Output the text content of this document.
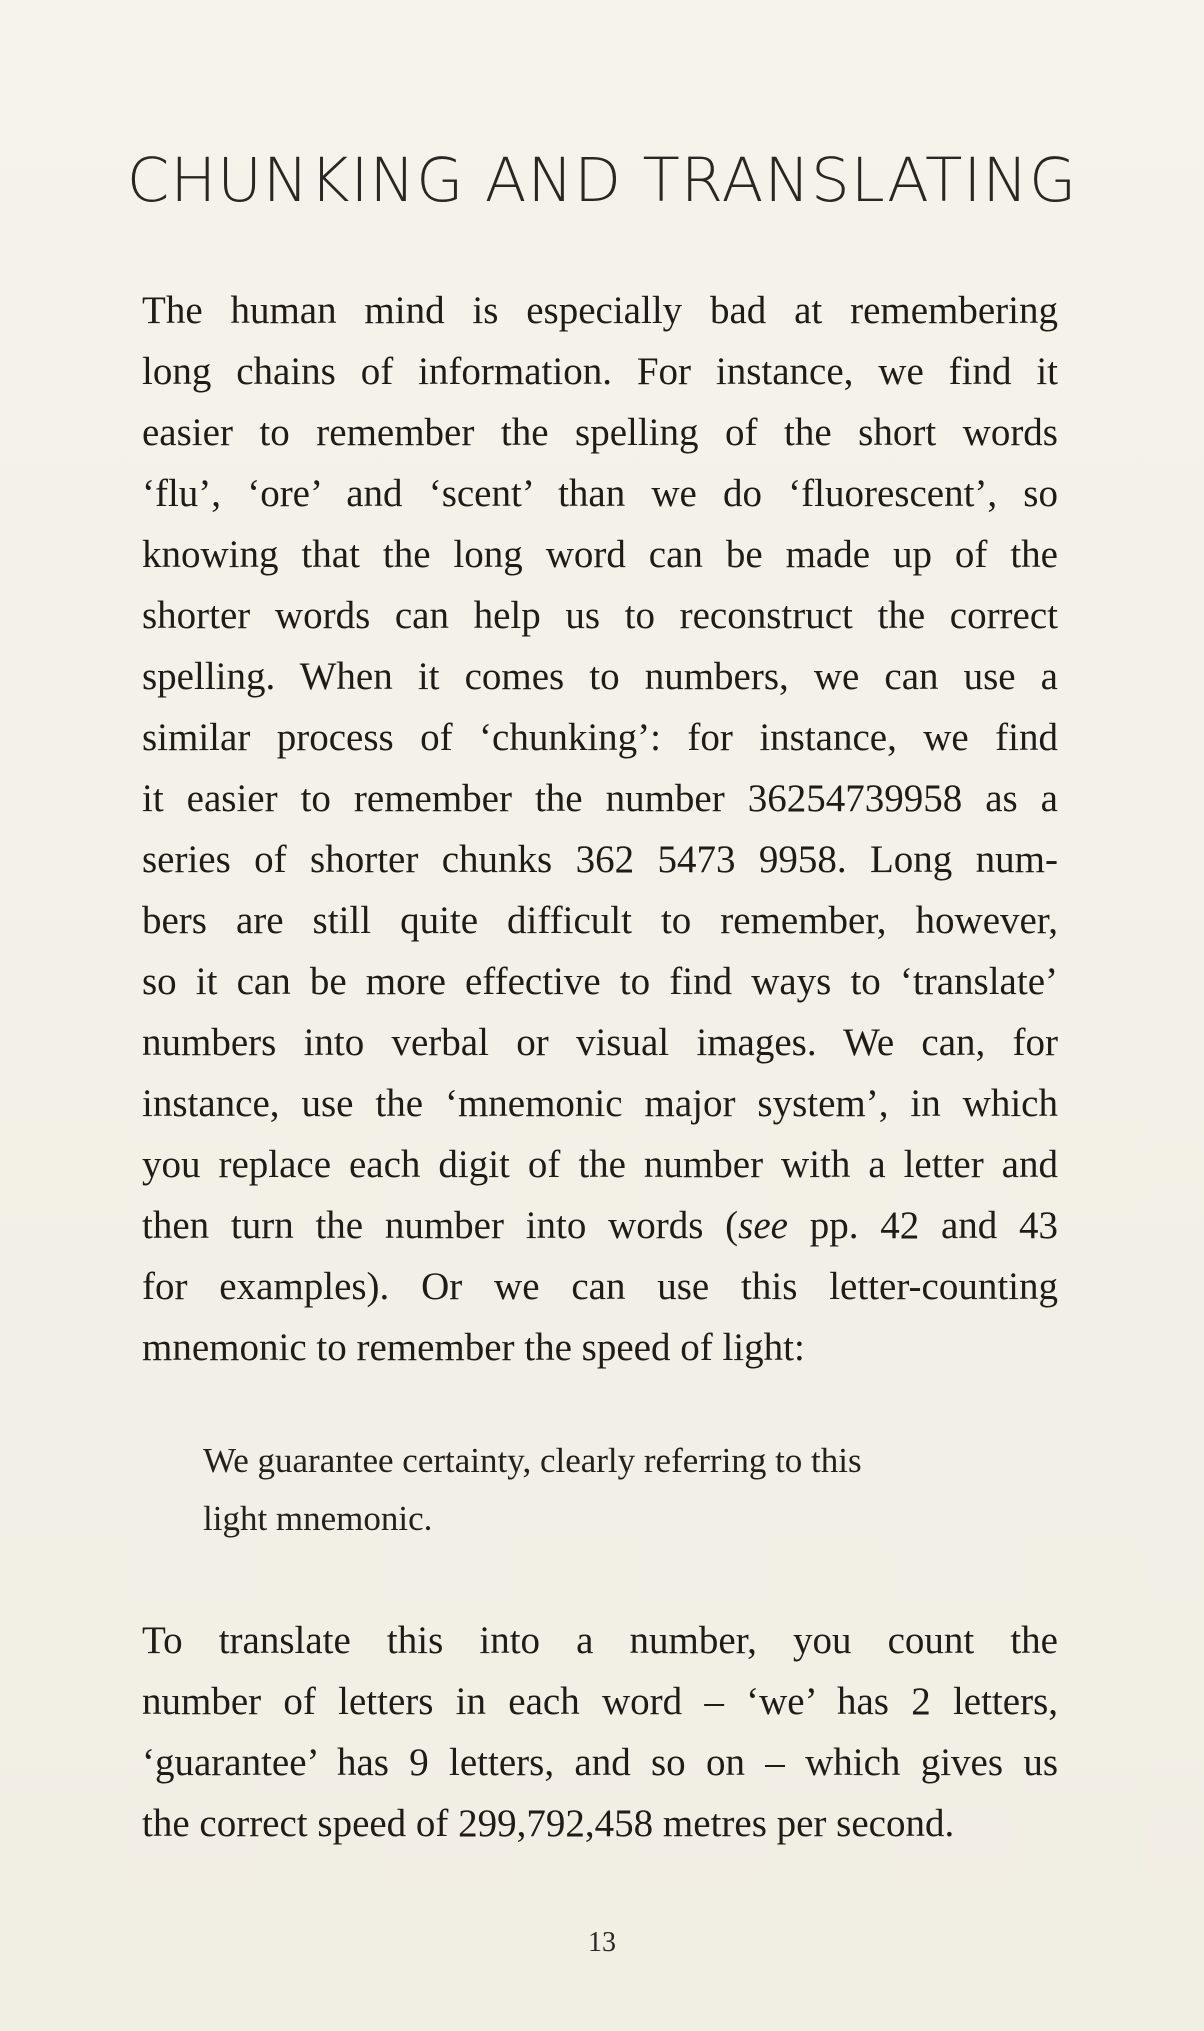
CHUNKING AND TRANSLATING

The human mind is especially bad at remembering
long chains of information. For instance, we find it
easier to remember the spelling of the short words
‘flu’, ‘ore’ and ‘scent’ than we do ‘fluorescent’, so
knowing that the long word can be made up of the
shorter words can help us to reconstruct the correct
spelling. When it comes to numbers, we can use a
similar process of ‘chunking’: for instance, we find
it easier to remember the number 36254739958 as a
series of shorter chunks 362 5473 9958. Long num-
bers are still quite difficult to remember, however,
so it can be more effective to find ways to ‘translate’
numbers into verbal or visual images. We can, for
instance, use the ‘mnemonic major system’, in which
you replace each digit of the number with a letter and
then turn the number into words (see pp. 42 and 43
for examples). Or we can use this letter-counting
mnemonic to remember the speed of light:

We guarantee certainty, clearly referring to this
light mnemonic.

To translate this into a number, you count the
number of letters in each word – ‘we’ has 2 letters,
‘guarantee’ has 9 letters, and so on – which gives us
the correct speed of 299,792,458 metres per second.

13
